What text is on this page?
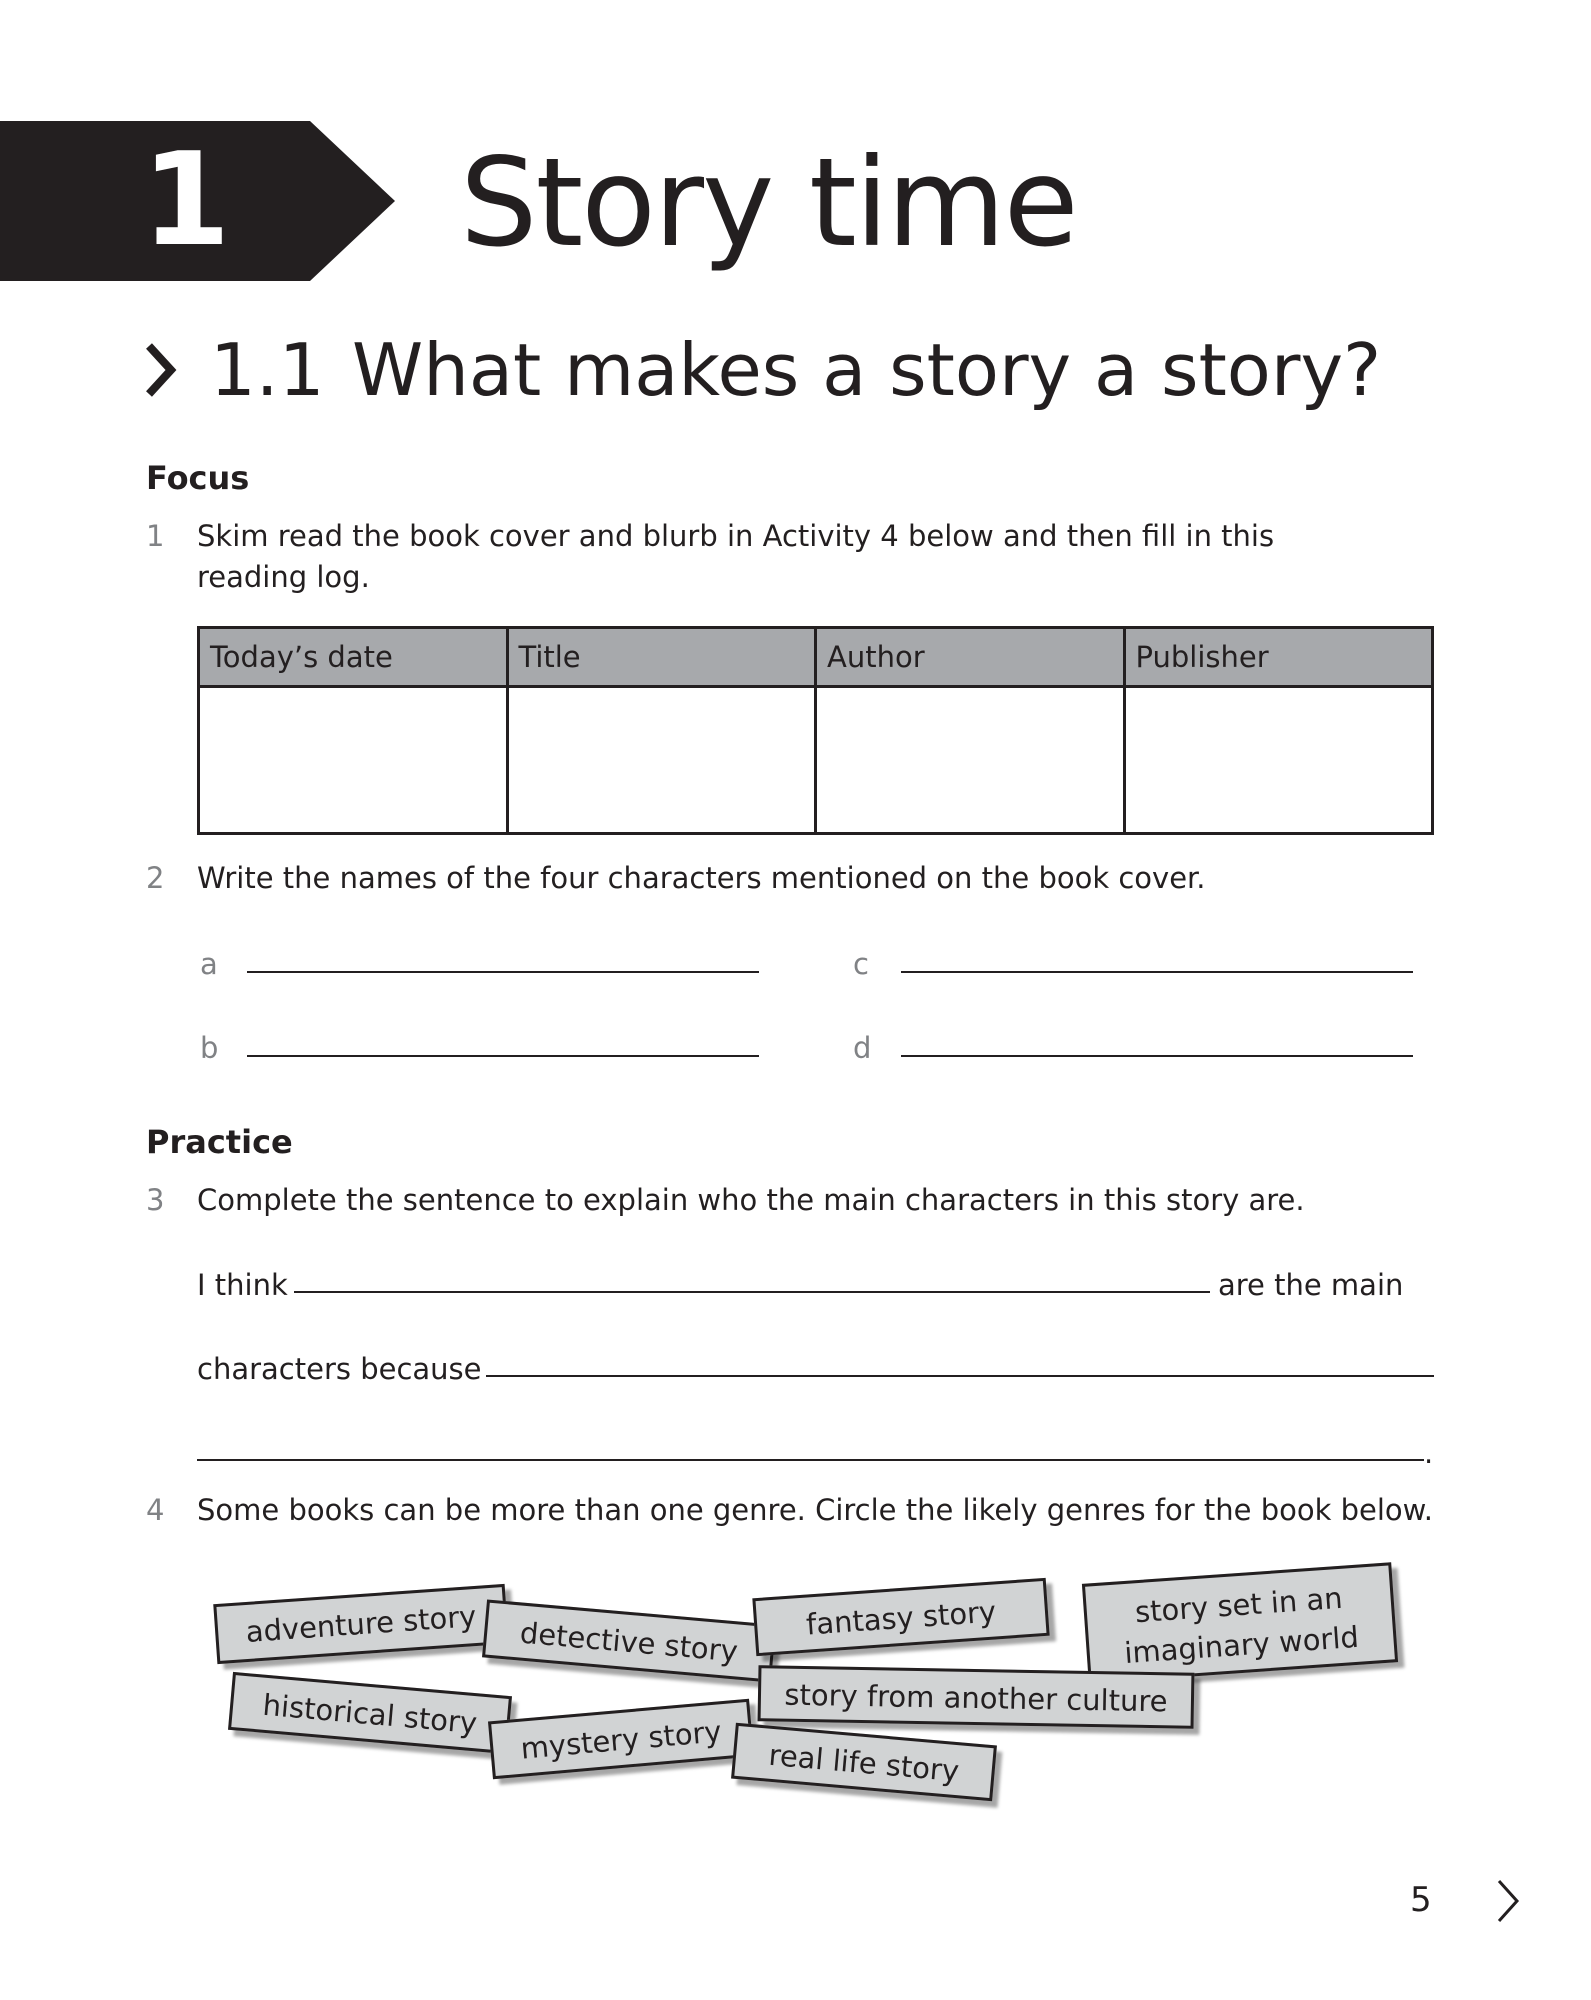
1	Story time
1.1 What makes a story a story?
Focus
1	Skim read the book cover and blurb in Activity 4 below and then fill in this
reading log.
Today’s date	Title	Author	Publisher

2	Write the names of the four characters mentioned on the book cover.
a
b
c
d
Practice
3	Complete the sentence to explain who the main characters in this story are.
I think	are the main
characters because
.
4	Some books can be more than one genre. Circle the likely genres for the book below.
adventure story	detective story	fantasy story	story set in an
imaginary world
historical story	story from another culture
mystery story	real life story
5
